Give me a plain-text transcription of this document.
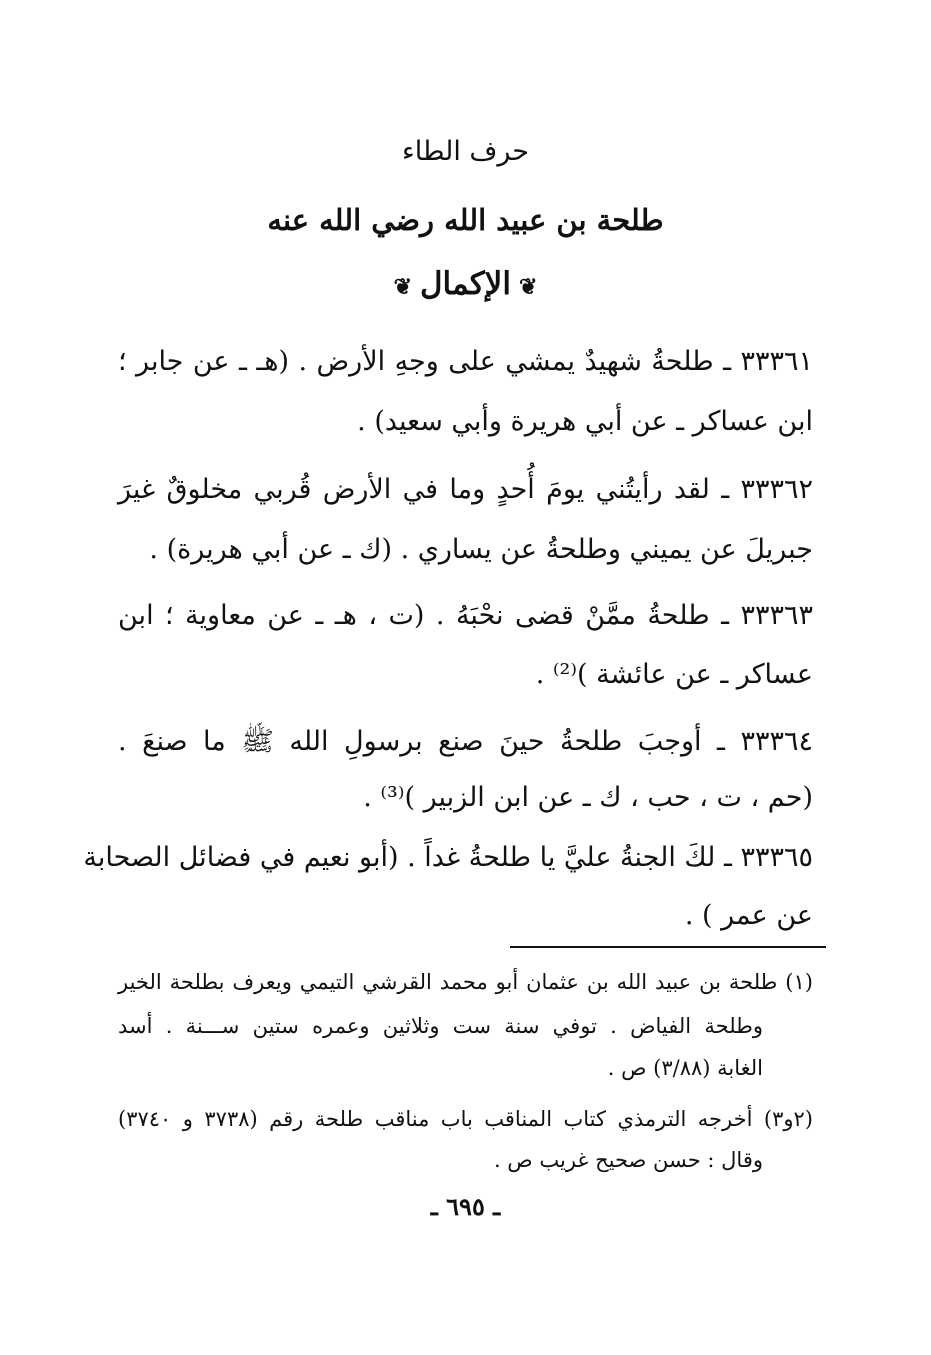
حرف الطاء
طلحة بن عبيد الله رضي الله عنه
❦الإكمال❦
٣٣٣٦١ ـ طلحةُ شهيدٌ يمشي على وجهِ الأرض . (هـ ـ عن جابر ؛
ابن عساكر ـ عن أبي هريرة وأبي سعيد) .
٣٣٣٦٢ ـ لقد رأيتُني يومَ أُحدٍ وما في الأرض قُربي مخلوقٌ غيرَ
جبريلَ عن يميني وطلحةُ عن يساري . (ك ـ عن أبي هريرة) .
٣٣٣٦٣ ـ طلحةُ ممَّنْ قضى نحْبَهُ . (ت ، هـ ـ عن معاوية ؛ ابن
عساكر ـ عن عائشة )⁽²⁾ .
٣٣٣٦٤ ـ أوجبَ طلحةُ حينَ صنع برسولِ الله ﷺ ما صنعَ .
(حم ، ت ، حب ، ك ـ عن ابن الزبير )⁽³⁾ .
٣٣٣٦٥ ـ لكَ الجنةُ عليَّ يا طلحةُ غداً . (أبو نعيم في فضائل الصحابة
عن عمر ) .
(١) طلحة بن عبيد الله بن عثمان أبو محمد القرشي التيمي ويعرف بطلحة الخير
وطلحة الفياض . توفي سنة ست وثلاثين وعمره ستين ســـنة . أسد
الغابة (٣/٨٨) ص .
(٢و٣) أخرجه الترمذي كتاب المناقب باب مناقب طلحة رقم (٣٧٣٨ و ٣٧٤٠)
وقال : حسن صحيح غريب ص .
ـ ٦٩٥ ـ
